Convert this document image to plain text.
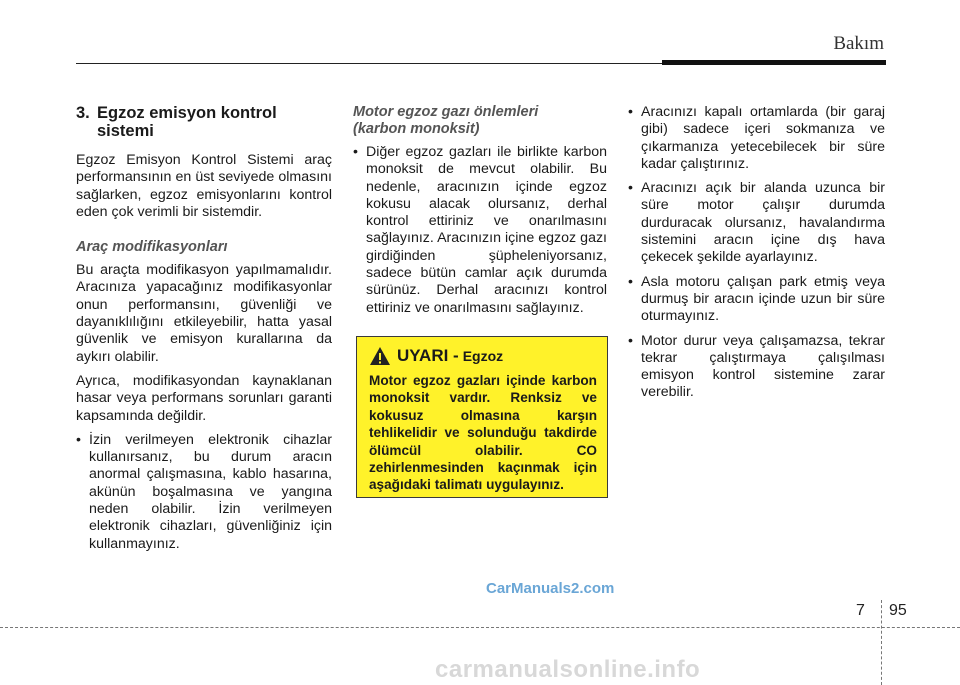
Bakım
3. Egzoz emisyon kontrol
sistemi

Egzoz Emisyon Kontrol Sistemi araç performansının en üst seviyede olmasını sağlarken, egzoz emisyonlarını kontrol eden çok verimli bir sistemdir.

Araç modifikasyonları

Bu araçta modifikasyon yapılmamalıdır. Aracınıza yapacağınız modifikasyonlar onun performansını, güvenliği ve dayanıklılığını etkileyebilir, hatta yasal güvenlik ve emisyon kurallarına da aykırı olabilir.

Ayrıca, modifikasyondan kaynaklanan hasar veya performans sorunları garanti kapsamında değildir.

• İzin verilmeyen elektronik cihazlar kullanırsanız, bu durum aracın anormal çalışmasına, kablo hasarına, akünün boşalmasına ve yangına neden olabilir. İzin verilmeyen elektronik cihazları, güvenliğiniz için kullanmayınız.
Motor egzoz gazı önlemleri
(karbon monoksit)
• Diğer egzoz gazları ile birlikte karbon monoksit de mevcut olabilir. Bu nedenle, aracınızın içinde egzoz kokusu alacak olursanız, derhal kontrol ettiriniz ve onarılmasını sağlayınız. Aracınızın içine egzoz gazı girdiğinden şüpheleniyorsanız, sadece bütün camlar açık durumda sürünüz. Derhal aracınızı kontrol ettiriniz ve onarılmasını sağlayınız.
UYARI - Egzoz
Motor egzoz gazları içinde karbon monoksit vardır. Renksiz ve kokusuz olmasına karşın tehlikelidir ve solunduğu takdirde ölümcül olabilir. CO zehirlenmesinden kaçınmak için aşağıdaki talimatı uygulayınız.
• Aracınızı kapalı ortamlarda (bir garaj gibi) sadece içeri sokmanıza ve çıkarmanıza yetecebilecek bir süre kadar çalıştırınız.
• Aracınızı açık bir alanda uzunca bir süre motor çalışır durumda durduracak olursanız, havalandırma sistemini aracın içine dış hava çekecek şekilde ayarlayınız.
• Asla motoru çalışan park etmiş veya durmuş bir aracın içinde uzun bir süre oturmayınız.
• Motor durur veya çalışamazsa, tekrar tekrar çalıştırmaya çalışılması emisyon kontrol sistemine zarar verebilir.
CarManuals2.com
7 95
carmanualsonline.info
